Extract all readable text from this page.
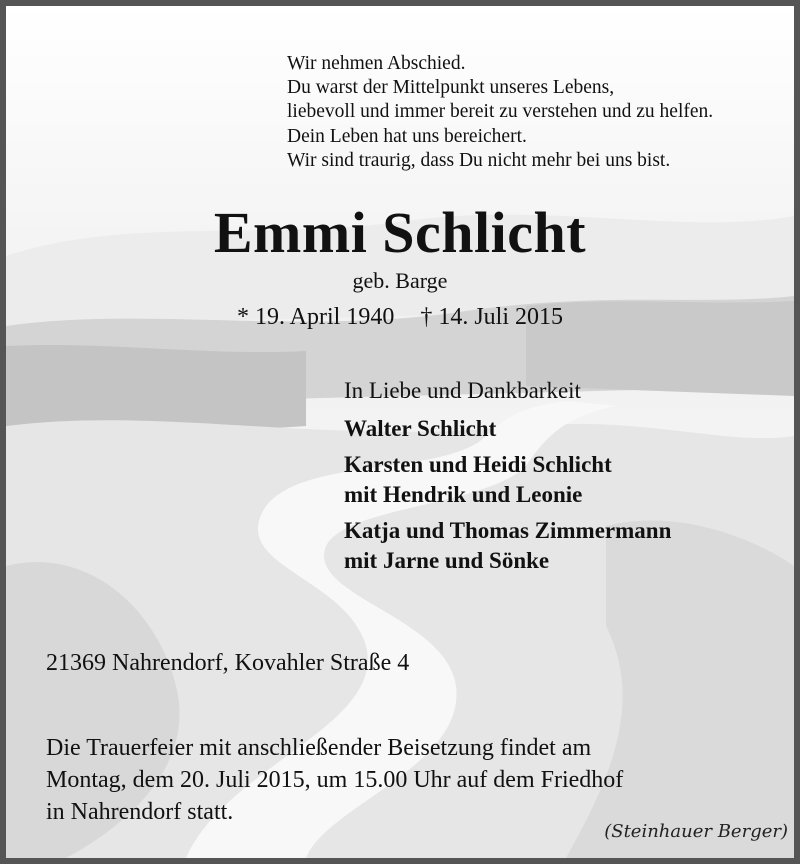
Wir nehmen Abschied.
Du warst der Mittelpunkt unseres Lebens,
liebevoll und immer bereit zu verstehen und zu helfen.
Dein Leben hat uns bereichert.
Wir sind traurig, dass Du nicht mehr bei uns bist.
Emmi Schlicht
geb. Barge
* 19. April 1940 † 14. Juli 2015
In Liebe und Dankbarkeit
Walter Schlicht
Karsten und Heidi Schlicht
mit Hendrik und Leonie
Katja und Thomas Zimmermann
mit Jarne und Sönke
21369 Nahrendorf, Kovahler Straße 4
Die Trauerfeier mit anschließender Beisetzung findet am
Montag, dem 20. Juli 2015, um 15.00 Uhr auf dem Friedhof
in Nahrendorf statt.
(Steinhauer Berger)
